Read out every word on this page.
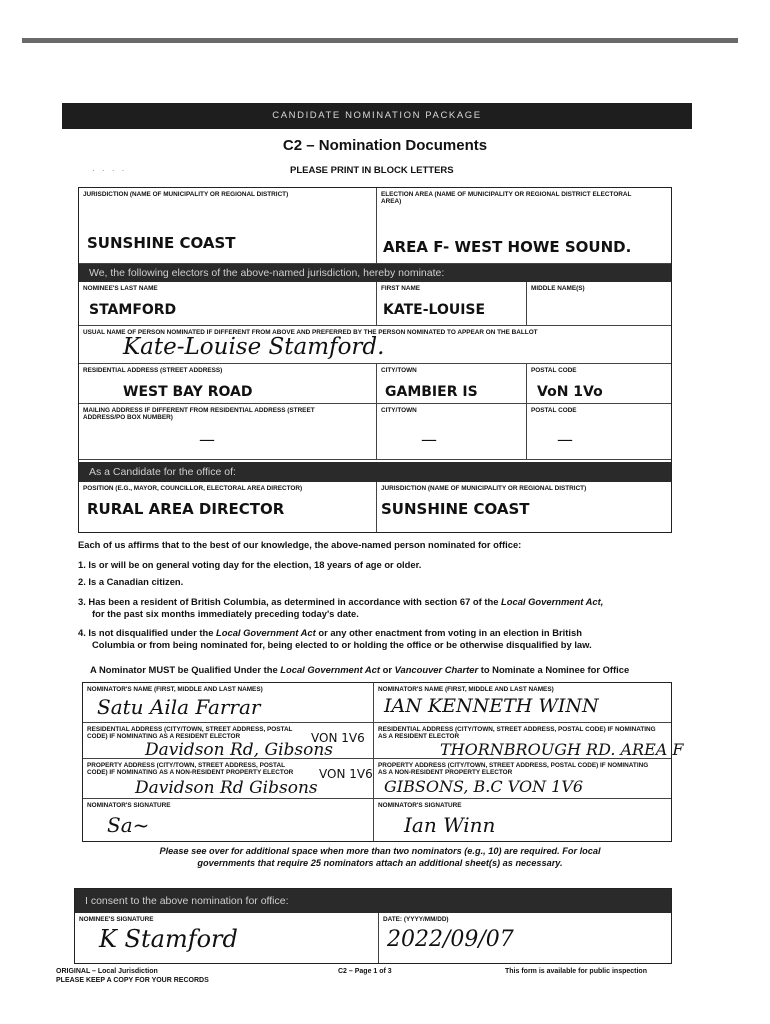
CANDIDATE NOMINATION PACKAGE
C2 – Nomination Documents
· · · ·	PLEASE PRINT IN BLOCK LETTERS
JURISDICTION (NAME OF MUNICIPALITY OR REGIONAL DISTRICT)
SUNSHINE COAST
ELECTION AREA (NAME OF MUNICIPALITY OR REGIONAL DISTRICT ELECTORAL AREA)
AREA F- WEST HOWE SOUND.
We, the following electors of the above-named jurisdiction, hereby nominate:
NOMINEE'S LAST NAME
STAMFORD
FIRST NAME
KATE-LOUISE
MIDDLE NAME(S)
USUAL NAME OF PERSON NOMINATED IF DIFFERENT FROM ABOVE AND PREFERRED BY THE PERSON NOMINATED TO APPEAR ON THE BALLOT
Kate-Louise Stamford.
RESIDENTIAL ADDRESS (STREET ADDRESS)
WEST BAY ROAD
CITY/TOWN
GAMBIER IS
POSTAL CODE
VoN 1Vo
MAILING ADDRESS IF DIFFERENT FROM RESIDENTIAL ADDRESS (STREET ADDRESS/PO BOX NUMBER)
—
CITY/TOWN
—
POSTAL CODE
—
As a Candidate for the office of:
POSITION (E.G., MAYOR, COUNCILLOR, ELECTORAL AREA DIRECTOR)
RURAL AREA DIRECTOR
JURISDICTION (NAME OF MUNICIPALITY OR REGIONAL DISTRICT)
SUNSHINE COAST
Each of us affirms that to the best of our knowledge, the above-named person nominated for office:
1. Is or will be on general voting day for the election, 18 years of age or older.
2. Is a Canadian citizen.
3. Has been a resident of British Columbia, as determined in accordance with section 67 of the Local Government Act,
for the past six months immediately preceding today's date.
4. Is not disqualified under the Local Government Act or any other enactment from voting in an election in British
Columbia or from being nominated for, being elected to or holding the office or be otherwise disqualified by law.
A Nominator MUST be Qualified Under the Local Government Act or Vancouver Charter to Nominate a Nominee for Office
NOMINATOR'S NAME (FIRST, MIDDLE AND LAST NAMES)
Satu Aila Farrar
RESIDENTIAL ADDRESS (CITY/TOWN, STREET ADDRESS, POSTAL CODE) IF NOMINATING AS A RESIDENT ELECTOR	VON 1V6
Davidson Rd, Gibsons
PROPERTY ADDRESS (CITY/TOWN, STREET ADDRESS, POSTAL CODE) IF NOMINATING AS A NON-RESIDENT PROPERTY ELECTOR	VON 1V6
Davidson Rd Gibsons
NOMINATOR'S SIGNATURE
Sa~
NOMINATOR'S NAME (FIRST, MIDDLE AND LAST NAMES)
IAN KENNETH WINN
RESIDENTIAL ADDRESS (CITY/TOWN, STREET ADDRESS, POSTAL CODE) IF NOMINATING AS A RESIDENT ELECTOR
THORNBROUGH RD. AREA F
PROPERTY ADDRESS (CITY/TOWN, STREET ADDRESS, POSTAL CODE) IF NOMINATING AS A NON-RESIDENT PROPERTY ELECTOR
GIBSONS, B.C VON 1V6
NOMINATOR'S SIGNATURE
Ian Winn
Please see over for additional space when more than two nominators (e.g., 10) are required. For local
governments that require 25 nominators attach an additional sheet(s) as necessary.
I consent to the above nomination for office:
NOMINEE'S SIGNATURE
K Stamford
DATE: (YYYY/MM/DD)
2022/09/07
ORIGINAL – Local Jurisdiction
PLEASE KEEP A COPY FOR YOUR RECORDS
C2 – Page 1 of 3	This form is available for public inspection
